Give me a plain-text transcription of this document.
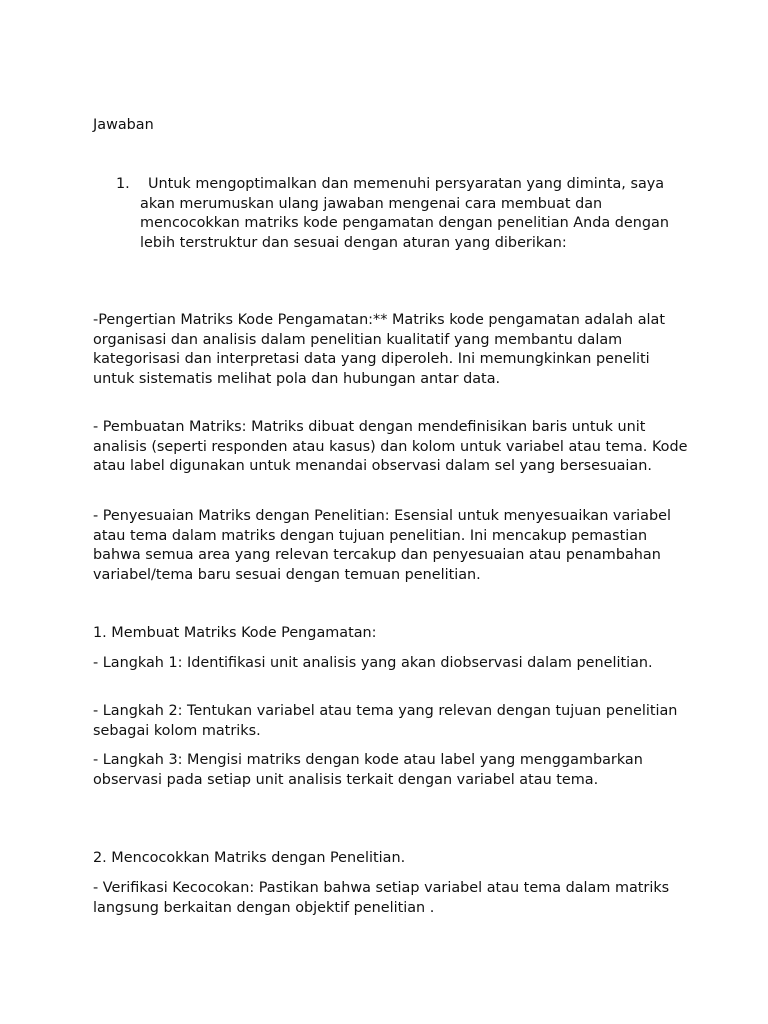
Jawaban

1.	Untuk mengoptimalkan dan memenuhi persyaratan yang diminta, saya akan merumuskan ulang jawaban mengenai cara membuat dan mencocokkan matriks kode pengamatan dengan penelitian Anda dengan lebih terstruktur dan sesuai dengan aturan yang diberikan:

-Pengertian Matriks Kode Pengamatan:** Matriks kode pengamatan adalah alat organisasi dan analisis dalam penelitian kualitatif yang membantu dalam kategorisasi dan interpretasi data yang diperoleh. Ini memungkinkan peneliti untuk sistematis melihat pola dan hubungan antar data.

- Pembuatan Matriks: Matriks dibuat dengan mendefinisikan baris untuk unit analisis (seperti responden atau kasus) dan kolom untuk variabel atau tema. Kode atau label digunakan untuk menandai observasi dalam sel yang bersesuaian.

- Penyesuaian Matriks dengan Penelitian: Esensial untuk menyesuaikan variabel atau tema dalam matriks dengan tujuan penelitian. Ini mencakup pemastian bahwa semua area yang relevan tercakup dan penyesuaian atau penambahan variabel/tema baru sesuai dengan temuan penelitian.

1. Membuat Matriks Kode Pengamatan:

- Langkah 1: Identifikasi unit analisis yang akan diobservasi dalam penelitian.

- Langkah 2: Tentukan variabel atau tema yang relevan dengan tujuan penelitian sebagai kolom matriks.

- Langkah 3: Mengisi matriks dengan kode atau label yang menggambarkan observasi pada setiap unit analisis terkait dengan variabel atau tema.

2. Mencocokkan Matriks dengan Penelitian.

- Verifikasi Kecocokan: Pastikan bahwa setiap variabel atau tema dalam matriks langsung berkaitan dengan objektif penelitian .
